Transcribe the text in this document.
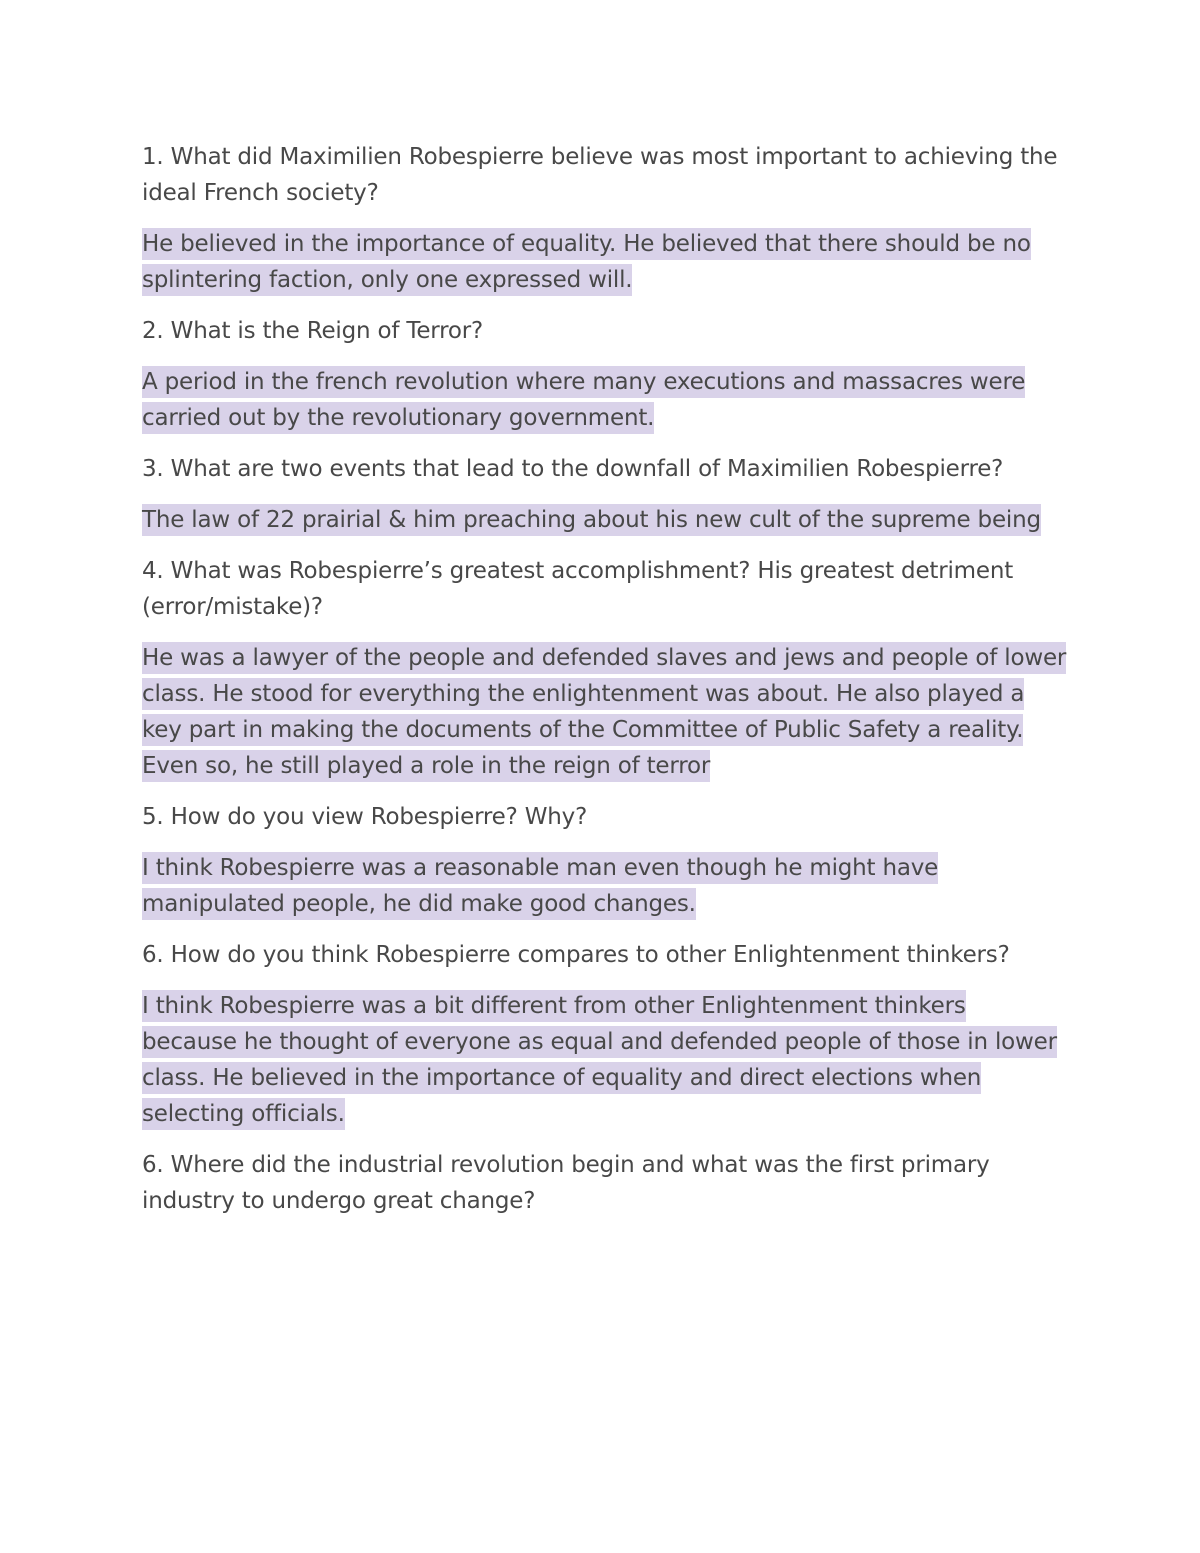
1. What did Maximilien Robespierre believe was most important to achieving the ideal French society?
He believed in the importance of equality. He believed that there should be no splintering faction, only one expressed will.
2. What is the Reign of Terror?
A period in the french revolution where many executions and massacres were carried out by the revolutionary government.
3. What are two events that lead to the downfall of Maximilien Robespierre?
The law of 22 prairial & him preaching about his new cult of the supreme being
4. What was Robespierre’s greatest accomplishment? His greatest detriment (error/mistake)?
He was a lawyer of the people and defended slaves and jews and people of lower class. He stood for everything the enlightenment was about. He also played a key part in making the documents of the Committee of Public Safety a reality. Even so, he still played a role in the reign of terror
5. How do you view Robespierre? Why?
I think Robespierre was a reasonable man even though he might have manipulated people, he did make good changes.
6. How do you think Robespierre compares to other Enlightenment thinkers?
I think Robespierre was a bit different from other Enlightenment thinkers because he thought of everyone as equal and defended people of those in lower class. He believed in the importance of equality and direct elections when selecting officials.
6. Where did the industrial revolution begin and what was the first primary industry to undergo great change?
